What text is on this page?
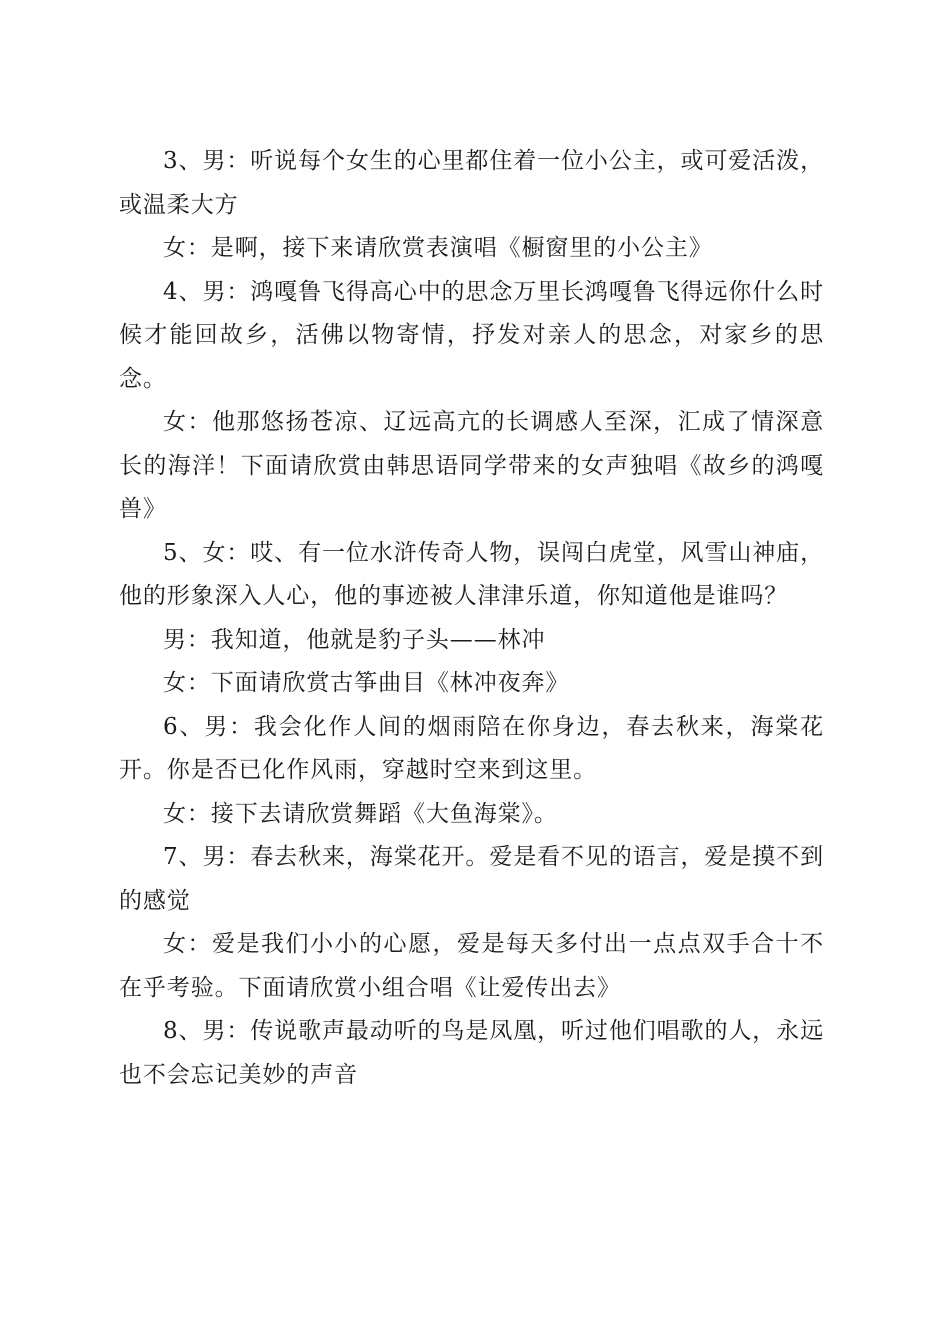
3、男：听说每个女生的心里都住着一位小公主，或可爱活泼，或温柔大方

女：是啊，接下来请欣赏表演唱《橱窗里的小公主》

4、男：鸿嘎鲁飞得高心中的思念万里长鸿嘎鲁飞得远你什么时候才能回故乡，活佛以物寄情，抒发对亲人的思念，对家乡的思念。

女：他那悠扬苍凉、辽远高亢的长调感人至深，汇成了情深意长的海洋！下面请欣赏由韩思语同学带来的女声独唱《故乡的鸿嘎兽》

5、女：哎、有一位水浒传奇人物，误闯白虎堂，风雪山神庙，他的形象深入人心，他的事迹被人津津乐道，你知道他是谁吗？

男：我知道，他就是豹子头——林冲

女：下面请欣赏古筝曲目《林冲夜奔》

6、男：我会化作人间的烟雨陪在你身边，春去秋来，海棠花开。你是否已化作风雨，穿越时空来到这里。

女：接下去请欣赏舞蹈《大鱼海棠》。

7、男：春去秋来，海棠花开。爱是看不见的语言，爱是摸不到的感觉

女：爱是我们小小的心愿，爱是每天多付出一点点双手合十不在乎考验。下面请欣赏小组合唱《让爱传出去》

8、男：传说歌声最动听的鸟是凤凰，听过他们唱歌的人，永远也不会忘记美妙的声音
